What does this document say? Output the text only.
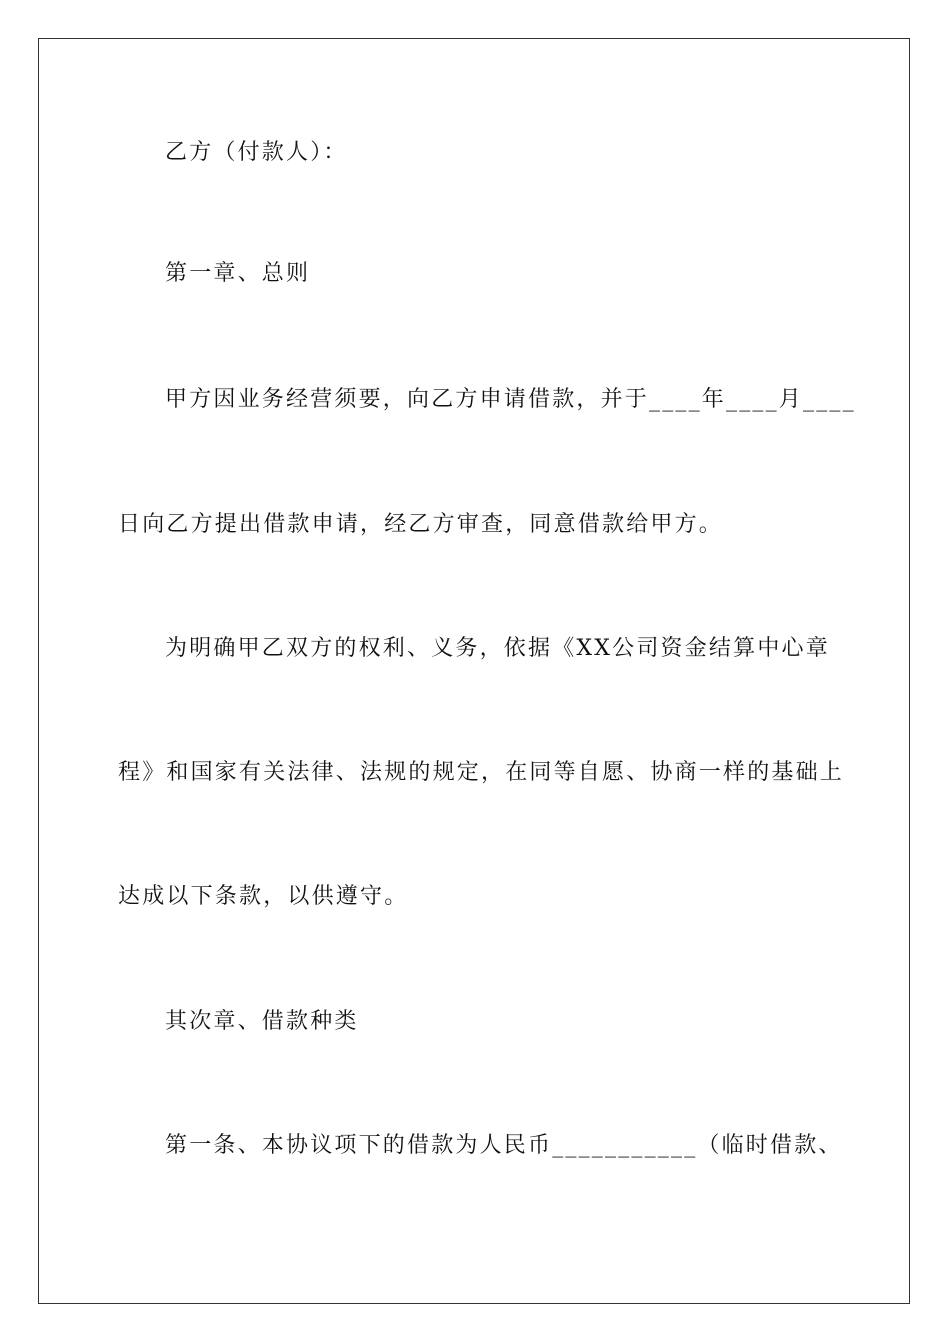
乙方（付款人）：
第一章、总则
甲方因业务经营须要，向乙方申请借款，并于____年____月____
日向乙方提出借款申请，经乙方审查，同意借款给甲方。
为明确甲乙双方的权利、义务，依据《XX公司资金结算中心章
程》和国家有关法律、法规的规定，在同等自愿、协商一样的基础上
达成以下条款，以供遵守。
其次章、借款种类
第一条、本协议项下的借款为人民币___________（临时借款、
